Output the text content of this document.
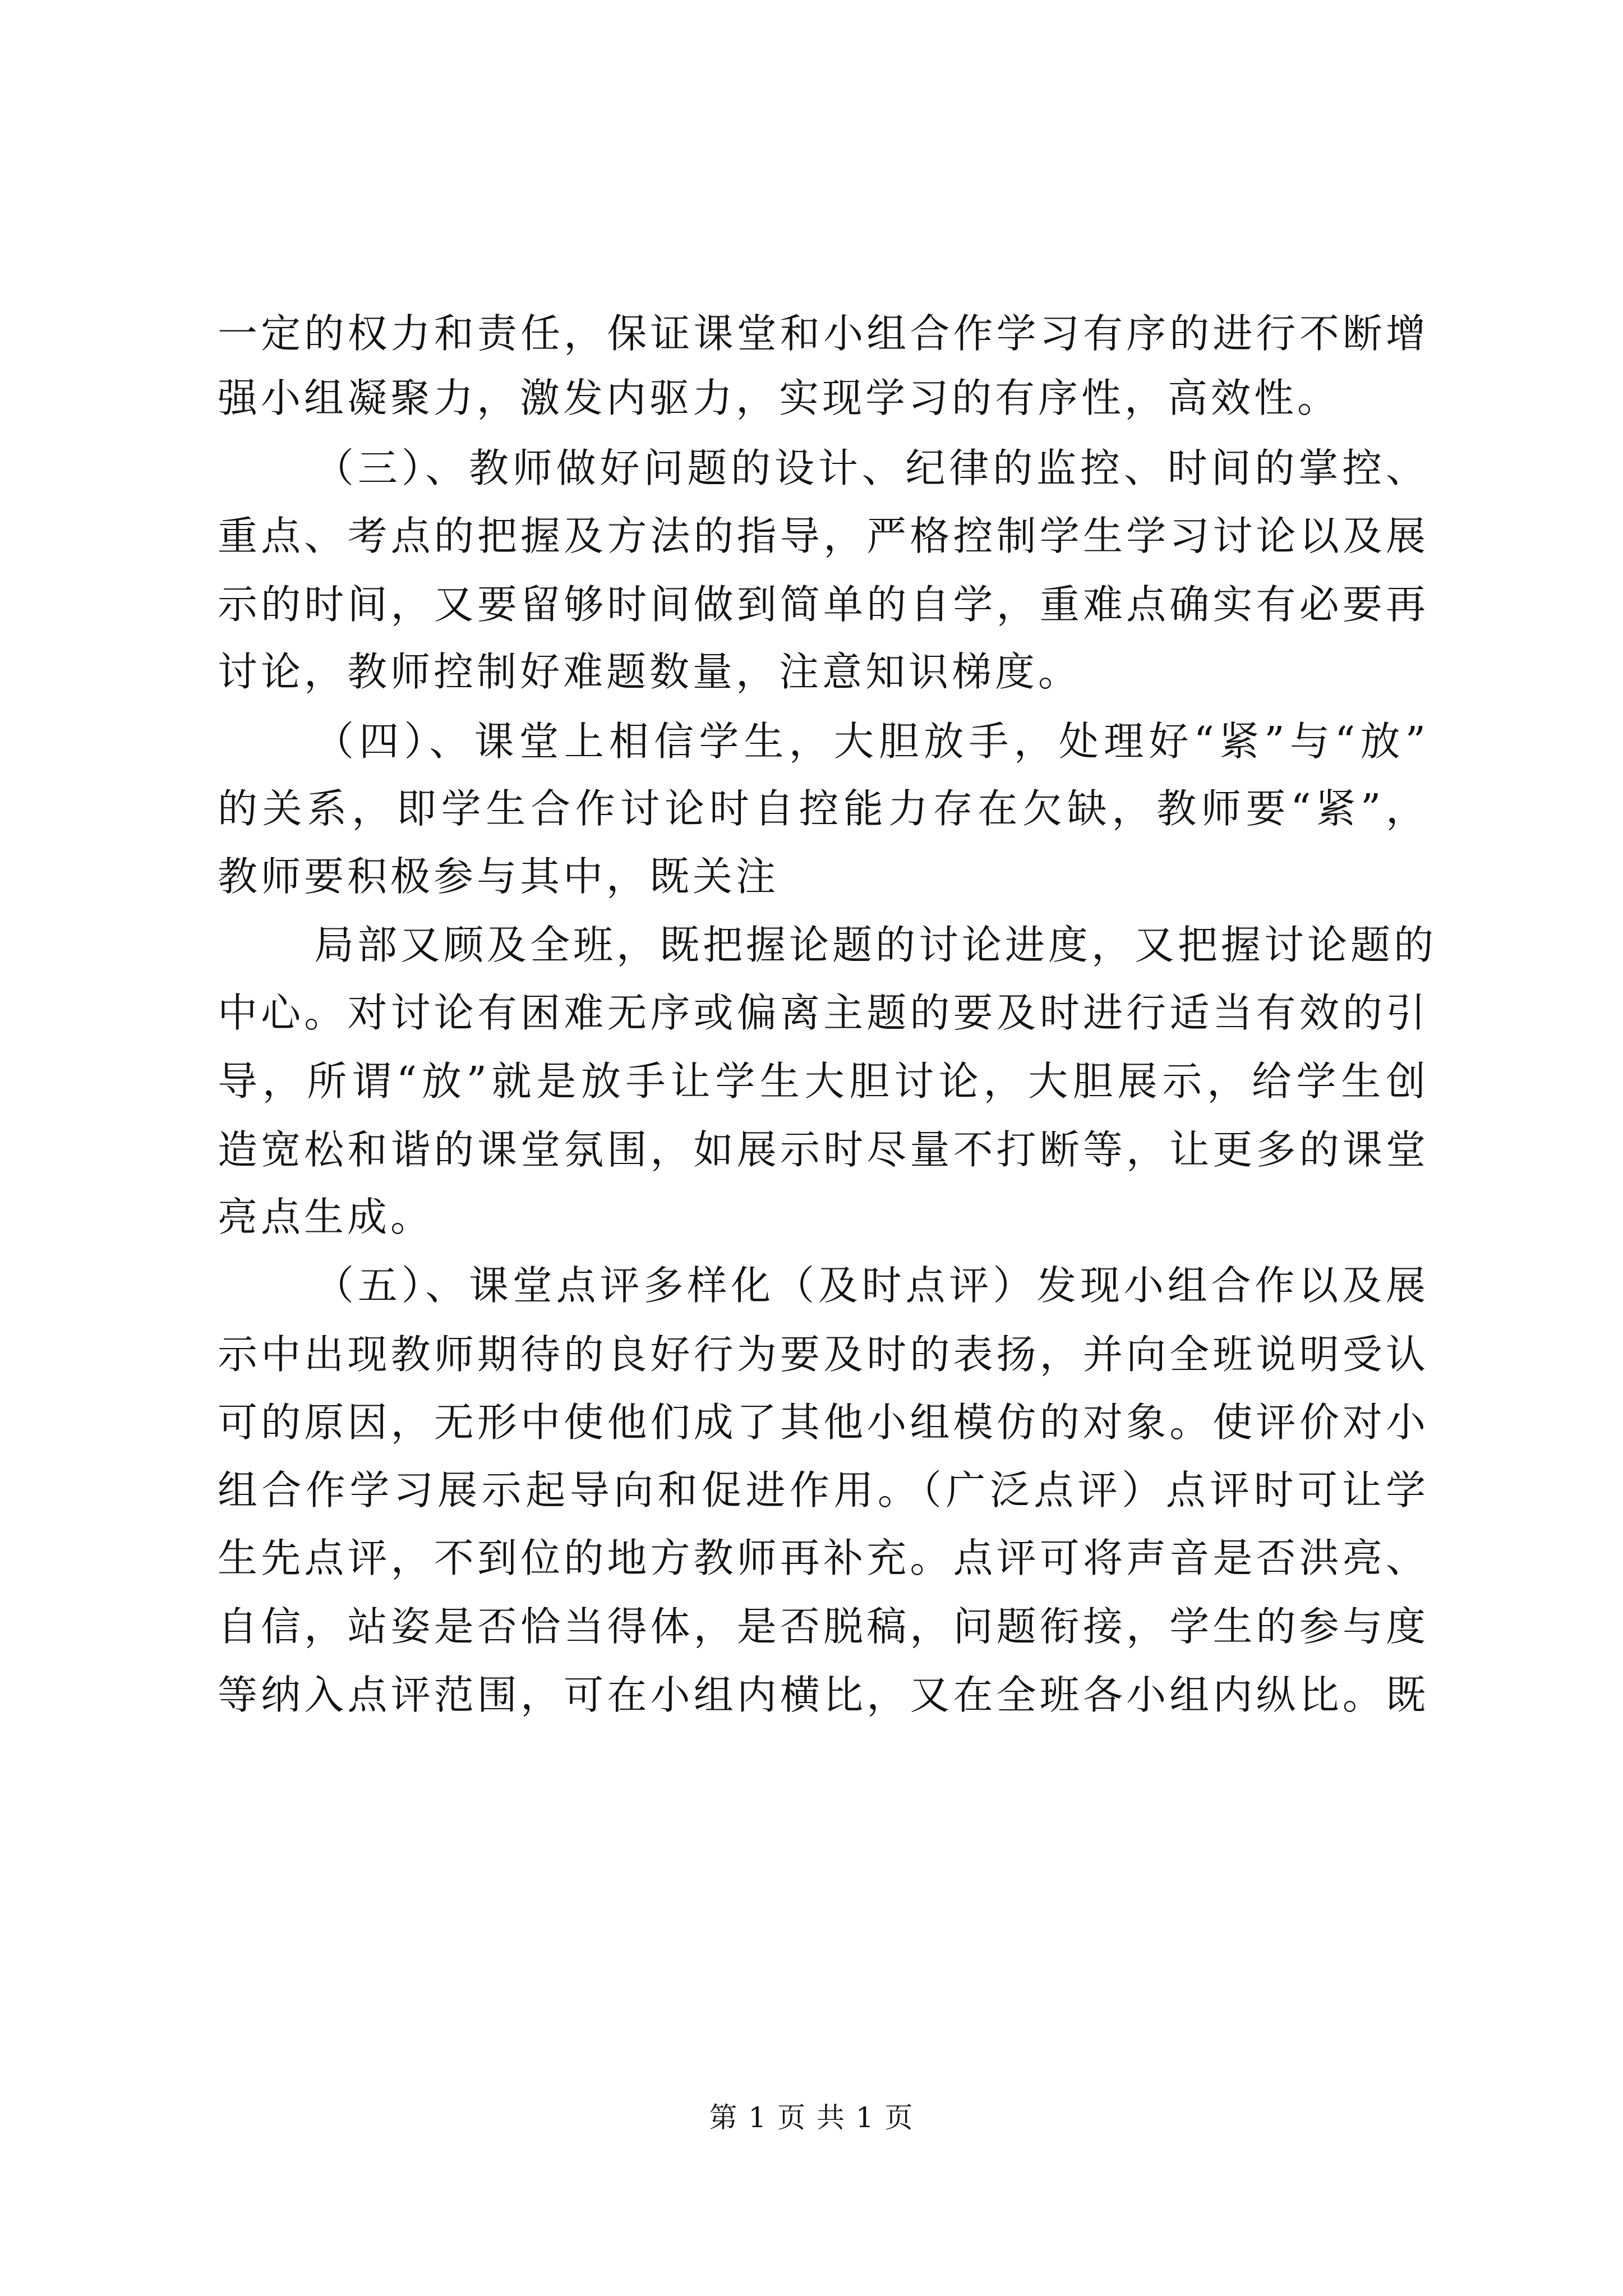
一定的权力和责任，保证课堂和小组合作学习有序的进行不断增
强小组凝聚力，激发内驱力，实现学习的有序性，高效性。
（三）、教师做好问题的设计、纪律的监控、时间的掌控、
重点、考点的把握及方法的指导，严格控制学生学习讨论以及展
示的时间，又要留够时间做到简单的自学，重难点确实有必要再
讨论，教师控制好难题数量，注意知识梯度。
（四）、课堂上相信学生，大胆放手，处理好“紧”与“放”
的关系，即学生合作讨论时自控能力存在欠缺，教师要“紧”，
教师要积极参与其中，既关注
局部又顾及全班，既把握论题的讨论进度，又把握讨论题的
中心。对讨论有困难无序或偏离主题的要及时进行适当有效的引
导，所谓“放”就是放手让学生大胆讨论，大胆展示，给学生创
造宽松和谐的课堂氛围，如展示时尽量不打断等，让更多的课堂
亮点生成。
（五）、课堂点评多样化（及时点评）发现小组合作以及展
示中出现教师期待的良好行为要及时的表扬，并向全班说明受认
可的原因，无形中使他们成了其他小组模仿的对象。使评价对小
组合作学习展示起导向和促进作用。（广泛点评）点评时可让学
生先点评，不到位的地方教师再补充。点评可将声音是否洪亮、
自信，站姿是否恰当得体，是否脱稿，问题衔接，学生的参与度
等纳入点评范围，可在小组内横比，又在全班各小组内纵比。既
第 1 页 共 1 页
